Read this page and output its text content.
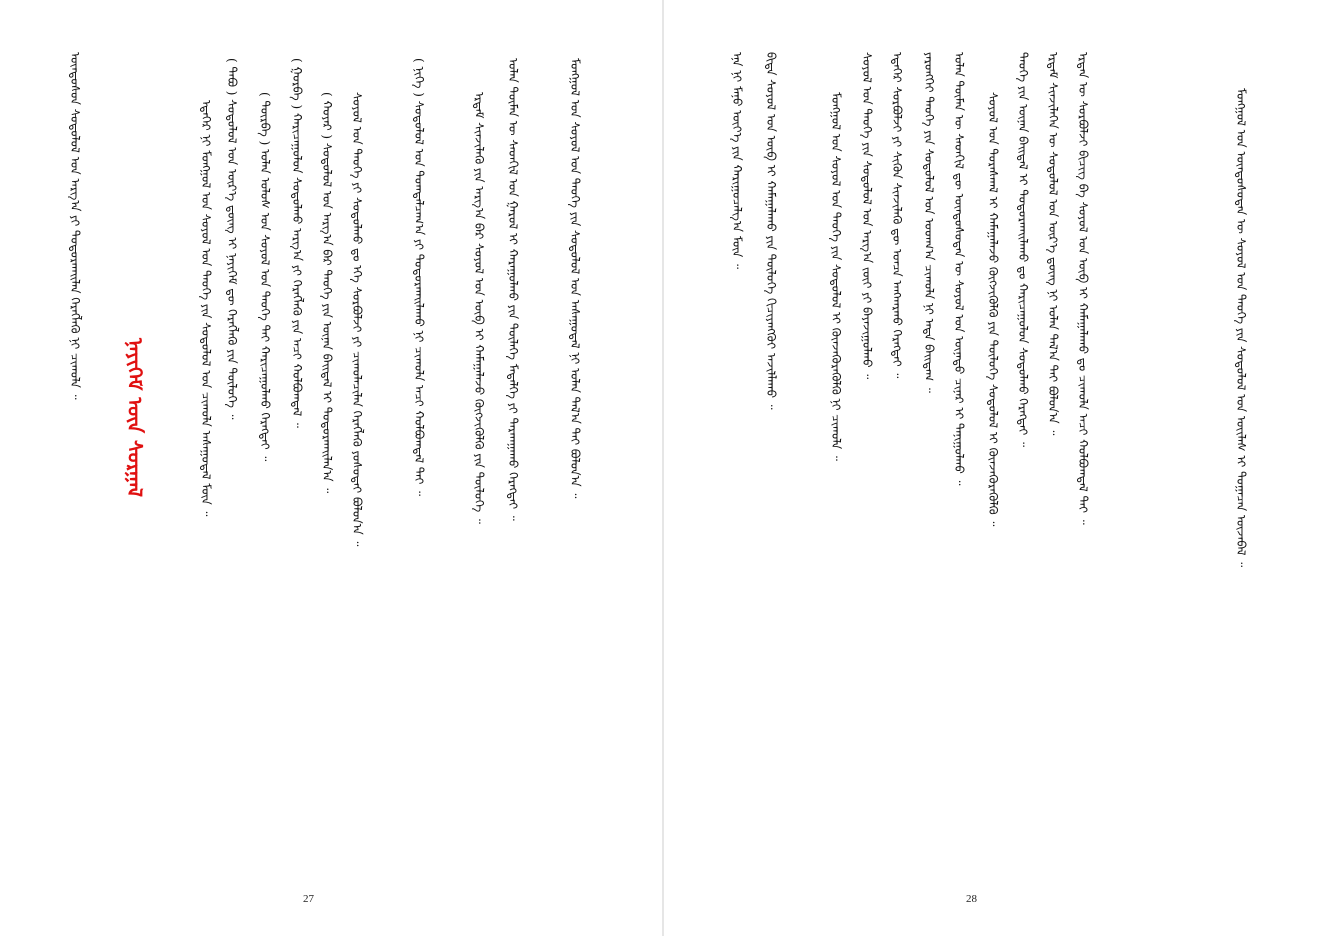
ᠦᠨᠳᠦᠰᠦᠨ ᠰᠤᠳᠤᠯᠤᠯ ᠤᠨ ᠠᠷᠭ᠎ᠠ ᠶᠢ ᠲᠣᠳᠤᠷᠬᠠᠢᠯᠠᠨ ᠬᠡᠷᠡᠭᠯᠡᠬᠦ ᠨᠢ ᠴᠢᠬᠤᠯᠠ ᠃	ᠡᠳᠡᠭᠡᠷ ᠨᠢ ᠮᠣᠩᠭᠣᠯ ᠤᠨ ᠰᠣᠶᠣᠯ ᠤᠨ ᠲᠡᠦᠬᠡ ᠶᠢᠨ ᠰᠤᠳᠤᠯᠤᠯ ᠤᠨ ᠴᠢᠬᠤᠯᠠ ᠠᠰᠠᠭᠤᠳᠠᠯ ᠮᠥᠨ ᠃ ( ᠲᠠᠪᠤ ) ᠰᠤᠳᠤᠯᠤᠯ ᠤᠨ ᠦᠷ᠎ᠡ ᠳ᠋ᠦᠩ ᠢ ᠨᠡᠶᠢᠭᠡᠮ ᠳᠦ ᠬᠡᠷᠡᠭᠯᠡᠬᠦ ᠶᠢᠨ ᠲᠥᠯᠥᠭᠡ ᠃ ( ᠳᠥᠷᠪᠡ ) ᠣᠯᠠᠨ ᠤᠯᠤᠰ ᠤᠨ ᠰᠣᠶᠣᠯ ᠤᠨ ᠲᠡᠦᠬᠡ ᠲᠡᠢ ᠬᠠᠷᠢᠴᠠᠭᠤᠯᠬᠤ ᠬᠡᠷᠡᠭᠲᠡᠢ ᠃
ᠨᠡᠶᠢᠭᠡᠮ ᠦᠨ ᠰᠤᠷᠭᠠᠯ	( ᠭᠤᠷᠪᠠ ) ᠬᠠᠷᠢᠴᠠᠭᠤᠯᠤᠨ ᠰᠤᠳᠤᠯᠬᠤ ᠠᠷᠭ᠎ᠠ ᠶᠢ ᠬᠡᠷᠡᠭᠯᠡᠬᠦ ᠶᠢᠨ ᠠᠴᠢ ᠬᠣᠯᠪᠣᠭᠳᠠᠯ ᠃ ( ᠬᠣᠶᠠᠷ ) ᠰᠤᠳᠤᠯᠤᠯ ᠤᠨ ᠠᠷᠭ᠎ᠠ ᠪᠠᠷ ᠲᠡᠦᠬᠡ ᠶᠢᠨ ᠦᠨᠡᠨ ᠪᠠᠢᠳᠠᠯ ᠢ ᠲᠣᠳᠤᠷᠬᠠᠢᠯᠠᠨ᠎ᠠ ᠃ ᠰᠣᠶᠣᠯ ᠤᠨ ᠲᠡᠦᠬᠡ ᠶᠢ ᠰᠤᠳᠤᠯᠬᠤ ᠳᠤ ᠡᠬᠡ ᠰᠤᠷᠪᠤᠯᠵᠢ ᠶᠢ ᠴᠢᠬᠤᠯᠠᠴᠢᠯᠠᠨ ᠬᠡᠷᠡᠭᠯᠡᠬᠦ ᠶᠣᠰᠣᠲᠠᠢ ᠪᠣᠯᠤᠨ᠎ᠠ ᠃	( ᠨᠢᠭᠡ ) ᠰᠤᠳᠤᠯᠤᠯ ᠤᠨ ᠲᠣᠭᠲᠠᠯᠴᠠᠭ᠎ᠠ ᠶᠢ ᠲᠣᠳᠤᠷᠬᠠᠢᠯᠠᠬᠤ ᠨᠢ ᠴᠢᠬᠤᠯᠠ ᠠᠴᠢ ᠬᠣᠯᠪᠣᠭᠳᠠᠯ ᠲᠠᠢ ᠃	ᠡᠷᠳᠡᠮ ᠰᠢᠨᠵᠢᠯᠡᠬᠦ ᠶᠢᠨ ᠠᠷᠭ᠎ᠠ ᠪᠠᠷ ᠰᠣᠶᠣᠯ ᠤᠨ ᠦᠪ ᠢ ᠬᠠᠮᠠᠭᠠᠯᠠᠵᠤ ᠬᠥᠭᠵᠢᠭᠦᠯᠬᠦ ᠶᠢᠨ ᠲᠥᠯᠥᠭᠡ ᠃ ᠣᠯᠠᠨ ᠲᠦᠮᠡᠨ ᠦ ᠰᠡᠳᠬᠢᠯ ᠤᠨ ᠭᠠᠷᠤᠯ ᠢ ᠬᠠᠷᠠᠭᠤᠯᠬᠤ ᠶᠢᠨ ᠲᠦᠯᠡᠭᠡ ᠮᠡᠳᠡᠯᠭᠡ ᠶᠢ ᠲᠠᠷᠬᠠᠭᠠᠬᠤ ᠬᠡᠷᠡᠭᠲᠡᠢ ᠃	ᠮᠣᠩᠭᠣᠯ ᠤᠨ ᠰᠣᠶᠣᠯ ᠤᠨ ᠲᠡᠦᠬᠡ ᠶᠢᠨ ᠰᠤᠳᠤᠯᠤᠯ ᠤᠨ ᠠᠰᠠᠭᠤᠳᠠᠯ ᠨᠢ ᠣᠯᠠᠨ ᠲᠠᠯ᠎ᠠ ᠲᠠᠢ ᠪᠣᠯᠤᠨ᠎ᠠ ᠃
27
ᠡᠨᠡ ᠨᠢ ᠮᠠᠨᠤ ᠦᠶ᠎ᠡ ᠶᠢᠨ ᠬᠠᠷᠢᠭᠤᠴᠠᠯᠭ᠎ᠠ ᠮᠥᠨ ᠃ ᠪᠢᠳᠡ ᠰᠣᠶᠣᠯ ᠤᠨ ᠥᠪ ᠢ ᠬᠠᠮᠠᠭᠠᠯᠠᠬᠤ ᠶᠢᠨ ᠲᠥᠯᠥᠭᠡ ᠬᠢᠴᠢᠶᠡᠩᠭᠦᠢ ᠠᠵᠢᠯᠯᠠᠬᠤ ᠃	ᠮᠣᠩᠭᠣᠯ ᠤᠨ ᠰᠣᠶᠣᠯ ᠤᠨ ᠲᠡᠦᠬᠡ ᠶᠢᠨ ᠰᠤᠳᠤᠯᠤᠯ ᠢ ᠭᠦᠨᠵᠡᠭᠦᠷᠡᠭᠦᠯᠬᠦ ᠨᠢ ᠴᠢᠬᠤᠯᠠ ᠃ ᠰᠣᠶᠣᠯ ᠤᠨ ᠲᠡᠦᠬᠡ ᠶᠢᠨ ᠰᠤᠳᠤᠯᠤᠯ ᠤᠨ ᠠᠷᠭ᠎ᠠ ᠵᠦᠢ ᠶᠢ ᠪᠠᠶᠠᠵᠢᠭᠤᠯᠬᠤ ᠃ ᠡᠳᠡᠭᠡᠷ ᠰᠤᠷᠪᠤᠯᠵᠢ ᠶᠢ ᠰᠢᠭᠦᠨ ᠰᠢᠨᠵᠢᠯᠡᠬᠦ ᠳᠦ ᠣᠨᠴᠠ ᠠᠩᠬᠠᠷᠬᠤ ᠬᠡᠷᠡᠭᠲᠡᠢ ᠃ ᠶᠡᠷᠦᠩᠬᠡᠢ ᠲᠡᠦᠬᠡ ᠶᠢᠨ ᠰᠤᠳᠤᠯᠤᠯ ᠤᠨ ᠤᠳᠬ᠎ᠠ ᠴᠢᠬᠤᠯᠠ ᠨᠢ ᠡᠨᠳᠡ ᠪᠠᠢᠳᠠᠭ ᠃ ᠣᠯᠠᠨ ᠲᠦᠮᠡᠨ ᠦ ᠰᠡᠳᠬᠢᠯ ᠳᠦ ᠦᠨᠳᠦᠰᠦᠲᠡᠨ ᠦ ᠰᠣᠶᠣᠯ ᠤᠨ ᠦᠨᠡᠲᠦ ᠴᠢᠨᠠᠷ ᠢ ᠲᠠᠨᠢᠭᠤᠯᠬᠤ ᠃ ᠰᠣᠶᠣᠯ ᠤᠨ ᠳᠤᠷᠠᠰᠬᠠᠯ ᠢ ᠬᠠᠮᠠᠭᠠᠯᠠᠵᠤ ᠬᠥᠭᠵᠢᠭᠦᠯᠬᠦ ᠶᠢᠨ ᠲᠥᠯᠥᠭᠡ ᠰᠤᠳᠤᠯᠤᠯ ᠢ ᠭᠦᠨᠵᠡᠭᠦᠷᠡᠭᠦᠯᠬᠦ ᠃ ᠲᠡᠦᠬᠡ ᠶᠢᠨ ᠦᠨᠡᠨ ᠪᠠᠢᠳᠠᠯ ᠢ ᠲᠣᠳᠤᠷᠬᠠᠢᠯᠠᠬᠤ ᠳᠤ ᠬᠠᠷᠢᠴᠠᠭᠤᠯᠤᠨ ᠰᠤᠳᠤᠯᠬᠤ ᠬᠡᠷᠡᠭᠲᠡᠢ ᠃ ᠡᠷᠳᠡᠮ ᠰᠢᠨᠵᠢᠯᠡᠬᠡᠨ ᠦ ᠰᠤᠳᠤᠯᠤᠯ ᠤᠨ ᠦᠷ᠎ᠡ ᠳ᠋ᠦᠩ ᠨᠢ ᠣᠯᠠᠨ ᠲᠠᠯ᠎ᠠ ᠲᠠᠢ ᠪᠣᠯᠤᠨ᠎ᠠ ᠃ ᠡᠷᠲᠡᠨ ᠦ ᠰᠤᠷᠪᠤᠯᠵᠢ ᠪᠢᠴᠢᠭ ᠪᠠ ᠰᠣᠶᠣᠯ ᠤᠨ ᠥᠪ ᠢ ᠬᠠᠮᠠᠭᠠᠯᠠᠬᠤ ᠳᠤ ᠴᠢᠬᠤᠯᠠ ᠠᠴᠢ ᠬᠣᠯᠪᠣᠭᠳᠠᠯ ᠲᠠᠢ ᠃	ᠮᠣᠩᠭᠣᠯ ᠤᠨ ᠦᠨᠳᠦᠰᠦᠲᠡᠨ ᠦ ᠰᠣᠶᠣᠯ ᠤᠨ ᠲᠡᠦᠬᠡ ᠶᠢᠨ ᠰᠤᠳᠤᠯᠤᠯ ᠤᠨ ᠦᠢᠯᠡᠰ ᠢ ᠲᠣᠭᠠᠴᠠᠨ ᠦᠵᠡᠪᠡᠯ ᠃
28
